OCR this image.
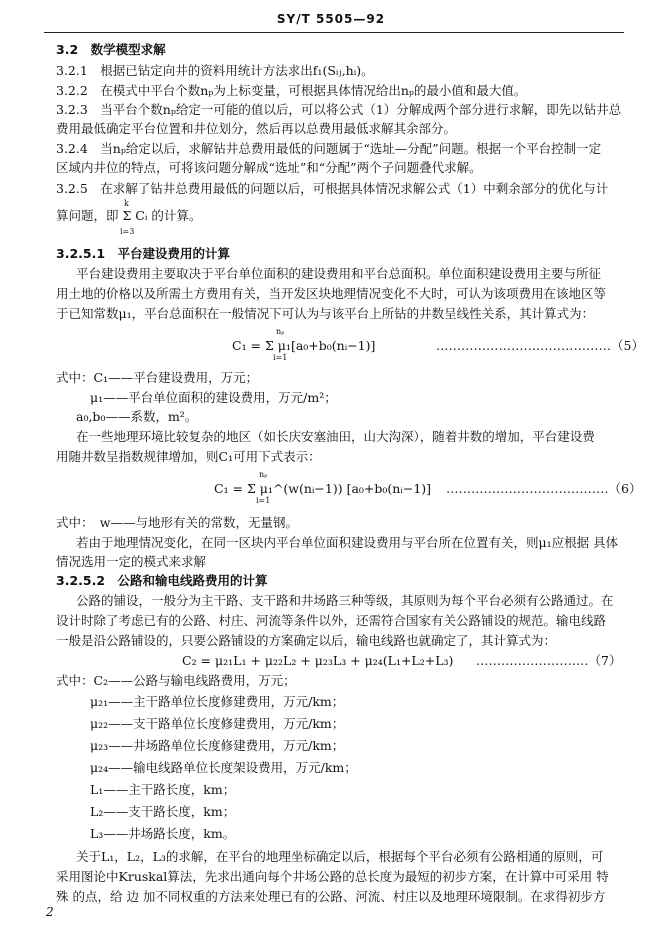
SY/T 5505—92
3.2　数学模型求解
3.2.1　根据已钻定向井的资料用统计方法求出f₁(Sᵢⱼ,hᵢ)。
3.2.2　在模式中平台个数nₚ为上标变量，可根据具体情况给出nₚ的最小值和最大值。
3.2.3　当平台个数nₚ给定一可能的值以后，可以将公式（1）分解成两个部分进行求解，即先以钻井总
费用最低确定平台位置和井位划分，然后再以总费用最低求解其余部分。
3.2.4　当nₚ给定以后，求解钻井总费用最低的问题属于“选址—分配”问题。根据一个平台控制一定
区域内井位的特点，可将该问题分解成“选址”和“分配”两个子问题叠代求解。
3.2.5　在求解了钻井总费用最低的问题以后，可根据具体情况求解公式（1）中剩余部分的优化与计
算问题，即 Σ Cᵢ 的计算。
k
i=3
3.2.5.1　平台建设费用的计算
平台建设费用主要取决于平台单位面积的建设费用和平台总面积。单位面积建设费用主要与所征
用土地的价格以及所需土方费用有关，当开发区块地理情况变化不大时，可认为该项费用在该地区等
于已知常数μ₁，平台总面积在一般情况下可认为与该平台上所钻的井数呈线性关系，其计算式为：
C₁ = Σ μ₁[a₀+b₀(nᵢ−1)]
nₚ
i=1
……………………………………（5）
式中：C₁——平台建设费用，万元；
μ₁——平台单位面积的建设费用，万元/m²；
a₀,b₀——系数，m²。
在一些地理环境比较复杂的地区（如长庆安塞油田，山大沟深），随着井数的增加，平台建设费
用随井数呈指数规律增加，则C₁可用下式表示：
C₁ = Σ μ₁^(w(nᵢ−1)) [a₀+b₀(nᵢ−1)]
nₚ
i=1
…………………………………（6）
式中：　w——与地形有关的常数，无量钢。
若由于地理情况变化，在同一区块内平台单位面积建设费用与平台所在位置有关，则μ₁应根据 具体
情况选用一定的模式来求解
3.2.5.2　公路和输电线路费用的计算
公路的铺设，一般分为主干路、支干路和井场路三种等级，其原则为每个平台必须有公路通过。在
设计时除了考虑已有的公路、村庄、河流等条件以外，还需符合国家有关公路铺设的规范。输电线路
一般是沿公路铺设的，只要公路铺设的方案确定以后，输电线路也就确定了，其计算式为：
C₂ = μ₂₁L₁ + μ₂₂L₂ + μ₂₃L₃ + μ₂₄(L₁+L₂+L₃) ………………………（7）
式中：C₂——公路与输电线路费用，万元；
μ₂₁——主干路单位长度修建费用，万元/km；
μ₂₂——支干路单位长度修建费用，万元/km；
μ₂₃——井场路单位长度修建费用，万元/km；
μ₂₄——输电线路单位长度架设费用，万元/km；
L₁——主干路长度，km；
L₂——支干路长度，km；
L₃——井场路长度，km。
关于L₁，L₂，L₃的求解，在平台的地理坐标确定以后，根据每个平台必须有公路相通的原则，可
采用图论中Kruskal算法，先求出通向每个井场公路的总长度为最短的初步方案，在计算中可采用 特
殊 的点，给 边 加不同权重的方法来处理已有的公路、河流、村庄以及地理环境限制。在求得初步方
2
